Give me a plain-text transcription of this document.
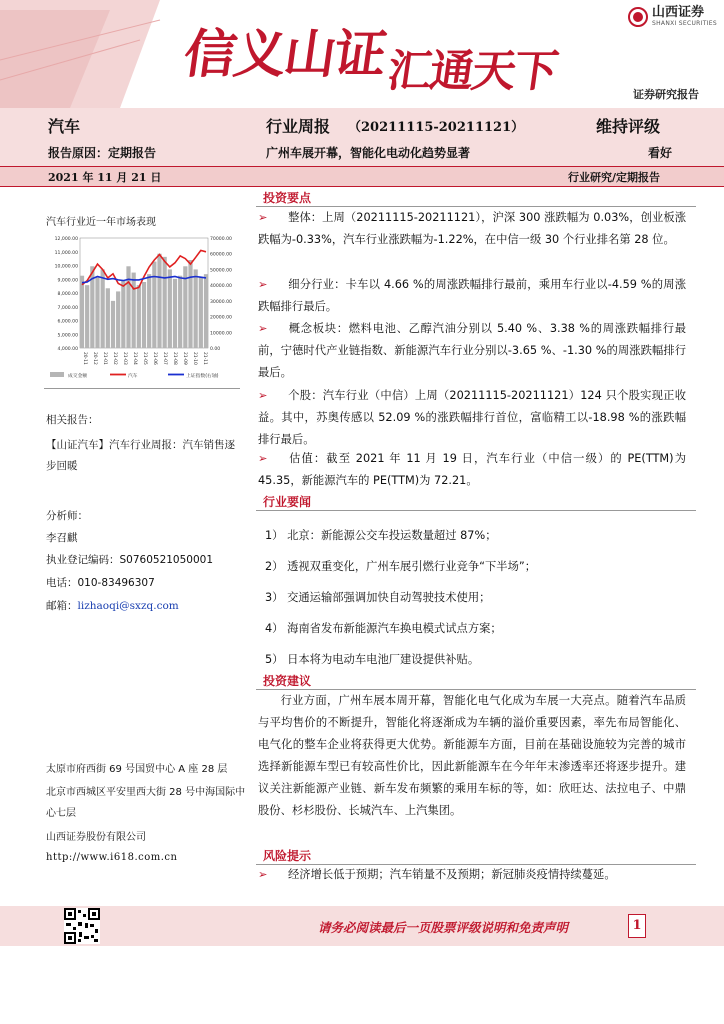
信义山证$_{汇通天下}$
山西证券
SHANXI SECURITIES
证券研究报告
汽车	行业周报 （20211115-20211121）	维持评级
报告原因：定期报告	广州车展开幕，智能化电动化趋势显著	看好
2021 年 11 月 21 日	行业研究/定期报告
汽车行业近一年市场表现
12,000.00
11,000.00
10,000.00
9,000.00
8,000.00
7,000.00
6,000.00
5,000.00
4,000.00
70000.00
60000.00
50000.00
40000.00
30000.00
20000.00
10000.00
0.00
20-11 20-12 21-01 21-02 21-03 21-04 21-05 21-06 21-07 21-08 21-09 21-10 21-11
成交金额	汽车	上证指数(右轴)
相关报告：
【山证汽车】汽车行业周报：汽车销售逐步回暖
分析师：
李召麒
执业登记编码：S0760521050001
电话：010-83496307
邮箱：lizhaoqi@sxzq.com
太原市府西街 69 号国贸中心 A 座 28 层
北京市西城区平安里西大街 28 号中海国际中心七层
山西证券股份有限公司
http://www.i618.com.cn
投资要点
➢ 整体：上周（20211115-20211121），沪深 300 涨跌幅为 0.03%，创业板涨跌幅为-0.33%，汽车行业涨跌幅为-1.22%，在中信一级 30 个行业排名第 28 位。
➢ 细分行业：卡车以 4.66 %的周涨跌幅排行最前，乘用车行业以-4.59 %的周涨跌幅排行最后。
➢ 概念板块：燃料电池、乙醇汽油分别以 5.40 %、3.38 %的周涨跌幅排行最前，宁德时代产业链指数、新能源汽车行业分别以-3.65 %、-1.30 %的周涨跌幅排行最后。
➢ 个股：汽车行业（中信）上周（20211115-20211121）124 只个股实现正收益。其中，苏奥传感以 52.09 %的涨跌幅排行首位，富临精工以-18.98 %的涨跌幅排行最后。
➢ 估值：截至 2021 年 11 月 19 日，汽车行业（中信一级）的 PE(TTM)为 45.35，新能源汽车的 PE(TTM)为 72.21。
行业要闻
1） 北京：新能源公交车投运数量超过 87%；
2） 透视双重变化，广州车展引燃行业竞争“下半场”；
3） 交通运输部强调加快自动驾驶技术使用；
4） 海南省发布新能源汽车换电模式试点方案；
5） 日本将为电动车电池厂建设提供补贴。
投资建议
行业方面，广州车展本周开幕，智能化电气化成为车展一大亮点。随着汽车品质与平均售价的不断提升，智能化将逐渐成为车辆的溢价重要因素，率先布局智能化、电气化的整车企业将获得更大优势。新能源车方面，目前在基础设施较为完善的城市选择新能源车型已有较高性价比，因此新能源车在今年年末渗透率还将逐步提升。建议关注新能源产业链、新车发布频繁的乘用车标的等，如：欣旺达、法拉电子、中鼎股份、杉杉股份、长城汽车、上汽集团。
风险提示
➢ 经济增长低于预期；汽车销量不及预期；新冠肺炎疫情持续蔓延。
请务必阅读最后一页股票评级说明和免责声明	1
